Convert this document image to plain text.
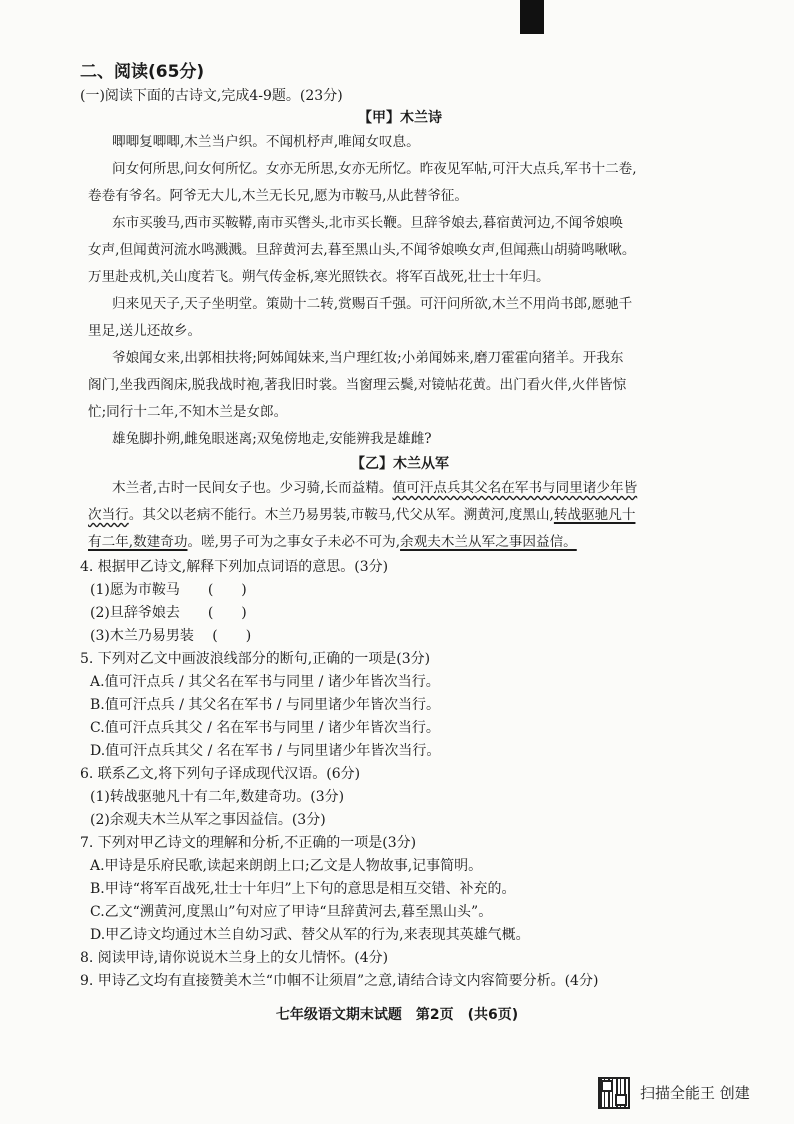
二、阅读(65分)
(一)阅读下面的古诗文,完成4-9题。(23分)
【甲】木兰诗
唧唧复唧唧,木兰当户织。不闻机杼声,唯闻女叹息。
问女何所思,问女何所忆。女亦无所思,女亦无所忆。昨夜见军帖,可汗大点兵,军书十二卷,
卷卷有爷名。阿爷无大儿,木兰无长兄,愿为市鞍马,从此替爷征。
东市买骏马,西市买鞍鞯,南市买辔头,北市买长鞭。旦辞爷娘去,暮宿黄河边,不闻爷娘唤
女声,但闻黄河流水鸣溅溅。旦辞黄河去,暮至黑山头,不闻爷娘唤女声,但闻燕山胡骑鸣啾啾。
万里赴戎机,关山度若飞。朔气传金柝,寒光照铁衣。将军百战死,壮士十年归。
归来见天子,天子坐明堂。策勋十二转,赏赐百千强。可汗问所欲,木兰不用尚书郎,愿驰千
里足,送儿还故乡。
爷娘闻女来,出郭相扶将;阿姊闻妹来,当户理红妆;小弟闻姊来,磨刀霍霍向猪羊。开我东
阁门,坐我西阁床,脱我战时袍,著我旧时裳。当窗理云鬓,对镜帖花黄。出门看火伴,火伴皆惊
忙;同行十二年,不知木兰是女郎。
雄兔脚扑朔,雌兔眼迷离;双兔傍地走,安能辨我是雄雌?
【乙】木兰从军
木兰者,古时一民间女子也。少习骑,长而益精。值可汗点兵其父名在军书与同里诸少年皆
次当行。其父以老病不能行。木兰乃易男装,市鞍马,代父从军。溯黄河,度黑山,转战驱驰凡十
有二年,数建奇功。嗟,男子可为之事女子未必不可为,余观夫木兰从军之事因益信。
4. 根据甲乙诗文,解释下列加点词语的意思。(3分)
(1)愿为市鞍马　　(　　)
(2)旦辞爷娘去　　(　　)
(3)木兰乃易男装　 (　　)
5. 下列对乙文中画波浪线部分的断句,正确的一项是(3分)
A.值可汗点兵 / 其父名在军书与同里 / 诸少年皆次当行。
B.值可汗点兵 / 其父名在军书 / 与同里诸少年皆次当行。
C.值可汗点兵其父 / 名在军书与同里 / 诸少年皆次当行。
D.值可汗点兵其父 / 名在军书 / 与同里诸少年皆次当行。
6. 联系乙文,将下列句子译成现代汉语。(6分)
(1)转战驱驰凡十有二年,数建奇功。(3分)
(2)余观夫木兰从军之事因益信。(3分)
7. 下列对甲乙诗文的理解和分析,不正确的一项是(3分)
A.甲诗是乐府民歌,读起来朗朗上口;乙文是人物故事,记事简明。
B.甲诗“将军百战死,壮士十年归”上下句的意思是相互交错、补充的。
C.乙文“溯黄河,度黑山”句对应了甲诗“旦辞黄河去,暮至黑山头”。
D.甲乙诗文均通过木兰自幼习武、替父从军的行为,来表现其英雄气概。
8. 阅读甲诗,请你说说木兰身上的女儿情怀。(4分)
9. 甲诗乙文均有直接赞美木兰“巾帼不让须眉”之意,请结合诗文内容简要分析。(4分)
七年级语文期末试题　第2页　(共6页)
扫描全能王 创建
